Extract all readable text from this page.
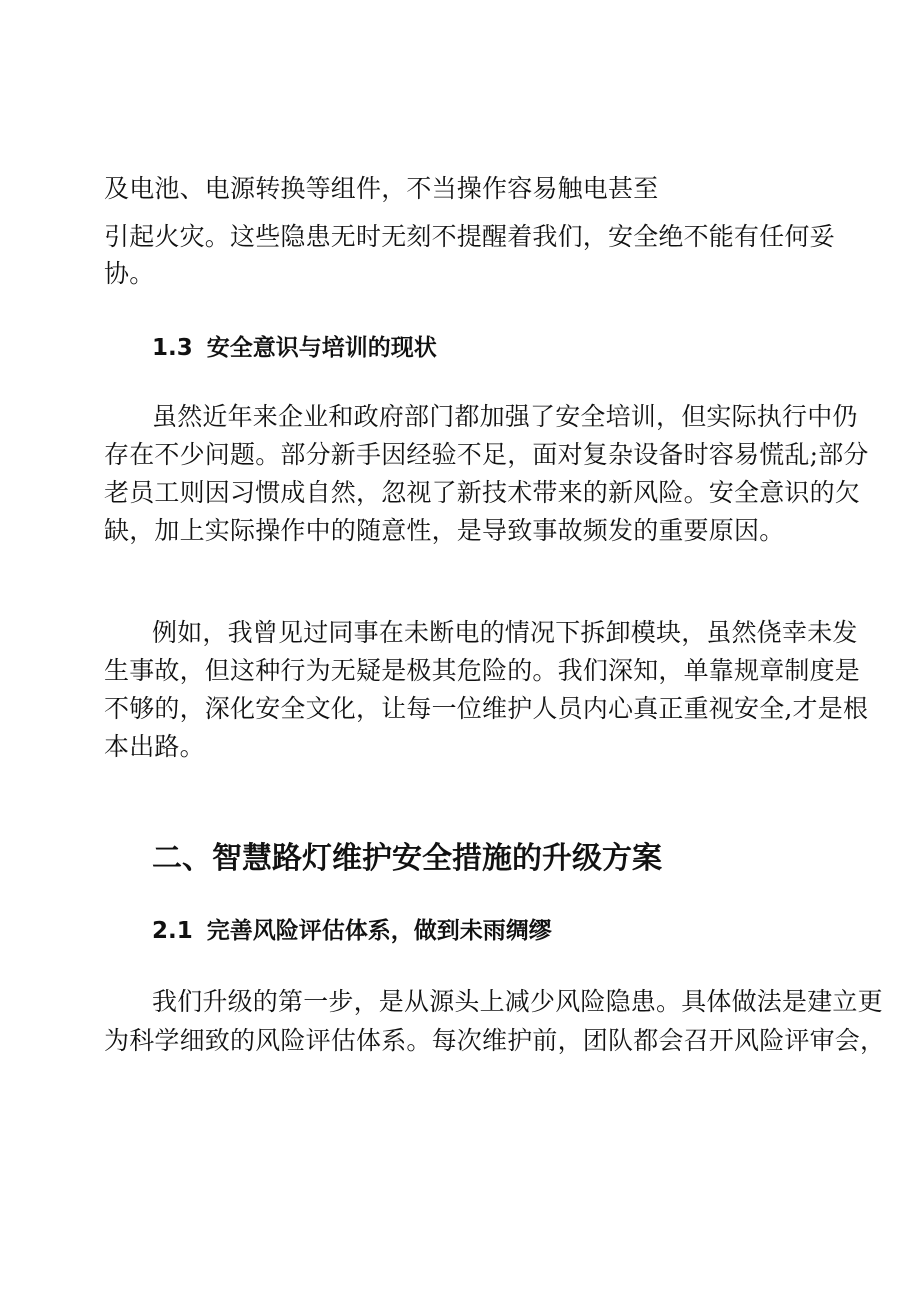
及电池、电源转换等组件，不当操作容易触电甚至
引起火灾。这些隐患无时无刻不提醒着我们，安全绝不能有任何妥
协。
1.3 安全意识与培训的现状
虽然近年来企业和政府部门都加强了安全培训，但实际执行中仍
存在不少问题。部分新手因经验不足，面对复杂设备时容易慌乱;部分
老员工则因习惯成自然，忽视了新技术带来的新风险。安全意识的欠
缺，加上实际操作中的随意性，是导致事故频发的重要原因。
例如，我曾见过同事在未断电的情况下拆卸模块，虽然侥幸未发
生事故，但这种行为无疑是极其危险的。我们深知，单靠规章制度是
不够的，深化安全文化，让每一位维护人员内心真正重视安全,才是根
本出路。
二、智慧路灯维护安全措施的升级方案
2.1 完善风险评估体系，做到未雨绸缪
我们升级的第一步，是从源头上减少风险隐患。具体做法是建立更
为科学细致的风险评估体系。每次维护前，团队都会召开风险评审会，
